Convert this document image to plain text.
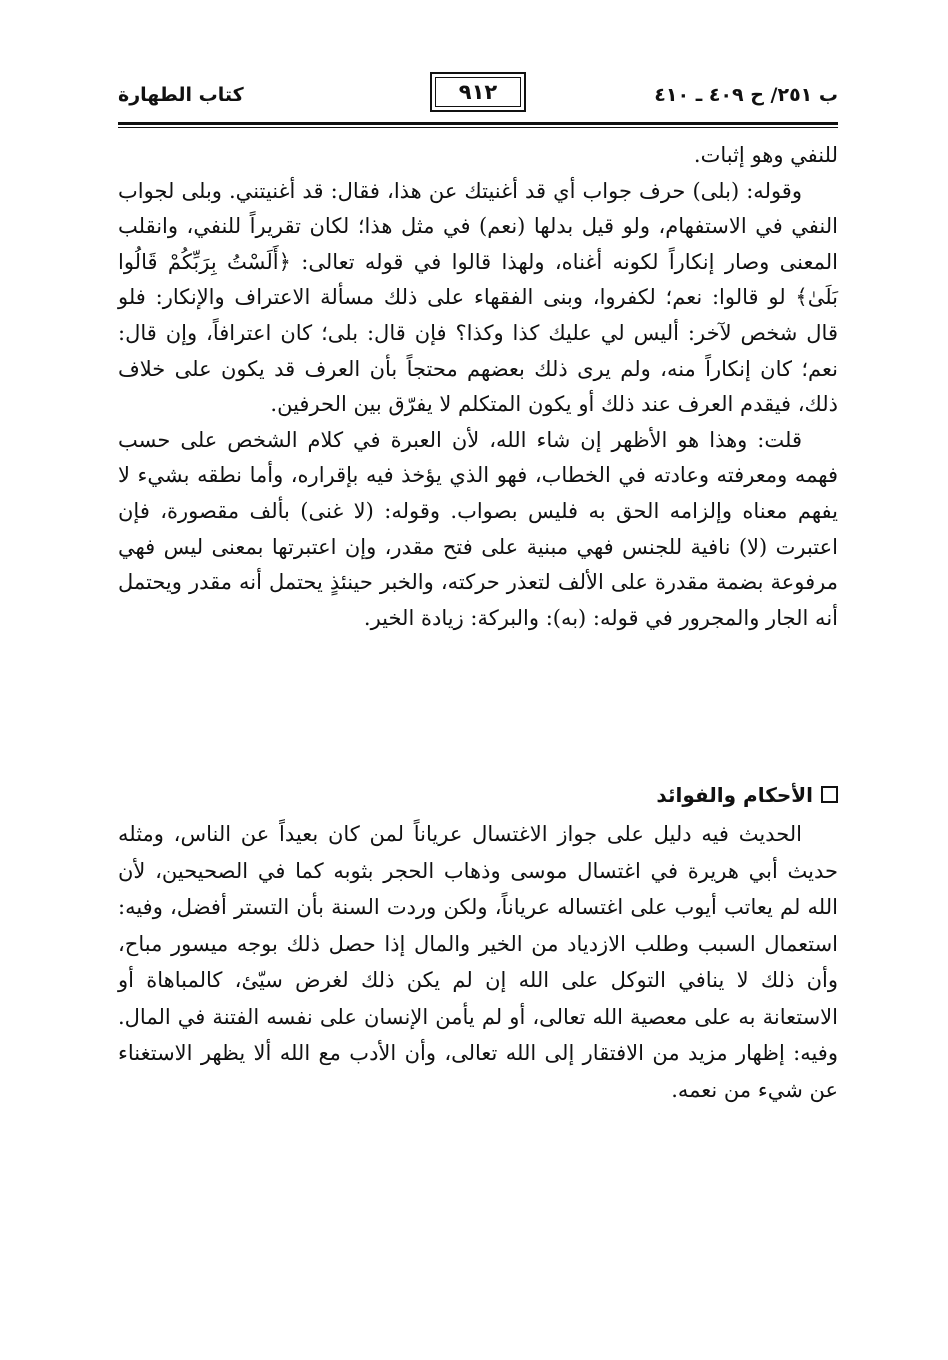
ب ٢٥١/ ح ٤٠٩ ـ ٤١٠
٩١٢
كتاب الطهارة

للنفي وهو إثبات.

وقوله: (بلى) حرف جواب أي قد أغنيتك عن هذا، فقال: قد أغنيتني. وبلى لجواب النفي في الاستفهام، ولو قيل بدلها (نعم) في مثل هذا؛ لكان تقريراً للنفي، وانقلب المعنى وصار إنكاراً لكونه أغناه، ولهذا قالوا في قوله تعالى: ﴿أَلَسْتُ بِرَبِّكُمْ قَالُوا بَلَىٰ﴾ لو قالوا: نعم؛ لكفروا، وبنى الفقهاء على ذلك مسألة الاعتراف والإنكار: فلو قال شخص لآخر: أليس لي عليك كذا وكذا؟ فإن قال: بلى؛ كان اعترافاً، وإن قال: نعم؛ كان إنكاراً منه، ولم يرى ذلك بعضهم محتجاً بأن العرف قد يكون على خلاف ذلك، فيقدم العرف عند ذلك أو يكون المتكلم لا يفرّق بين الحرفين.

قلت: وهذا هو الأظهر إن شاء الله، لأن العبرة في كلام الشخص على حسب فهمه ومعرفته وعادته في الخطاب، فهو الذي يؤخذ فيه بإقراره، وأما نطقه بشيء لا يفهم معناه وإلزامه الحق به فليس بصواب. وقوله: (لا غنى) بألف مقصورة، فإن اعتبرت (لا) نافية للجنس فهي مبنية على فتح مقدر، وإن اعتبرتها بمعنى ليس فهي مرفوعة بضمة مقدرة على الألف لتعذر حركته، والخبر حينئذٍ يحتمل أنه مقدر ويحتمل أنه الجار والمجرور في قوله: (به): والبركة: زيادة الخير.

الأحكام والفوائد

الحديث فيه دليل على جواز الاغتسال عرياناً لمن كان بعيداً عن الناس، ومثله حديث أبي هريرة في اغتسال موسى وذهاب الحجر بثوبه كما في الصحيحين، لأن الله لم يعاتب أيوب على اغتساله عرياناً، ولكن وردت السنة بأن التستر أفضل، وفيه: استعمال السبب وطلب الازدياد من الخير والمال إذا حصل ذلك بوجه ميسور مباح، وأن ذلك لا ينافي التوكل على الله إن لم يكن ذلك لغرض سيّئ، كالمباهاة أو الاستعانة به على معصية الله تعالى، أو لم يأمن الإنسان على نفسه الفتنة في المال. وفيه: إظهار مزيد من الافتقار إلى الله تعالى، وأن الأدب مع الله ألا يظهر الاستغناء عن شيء من نعمه.
